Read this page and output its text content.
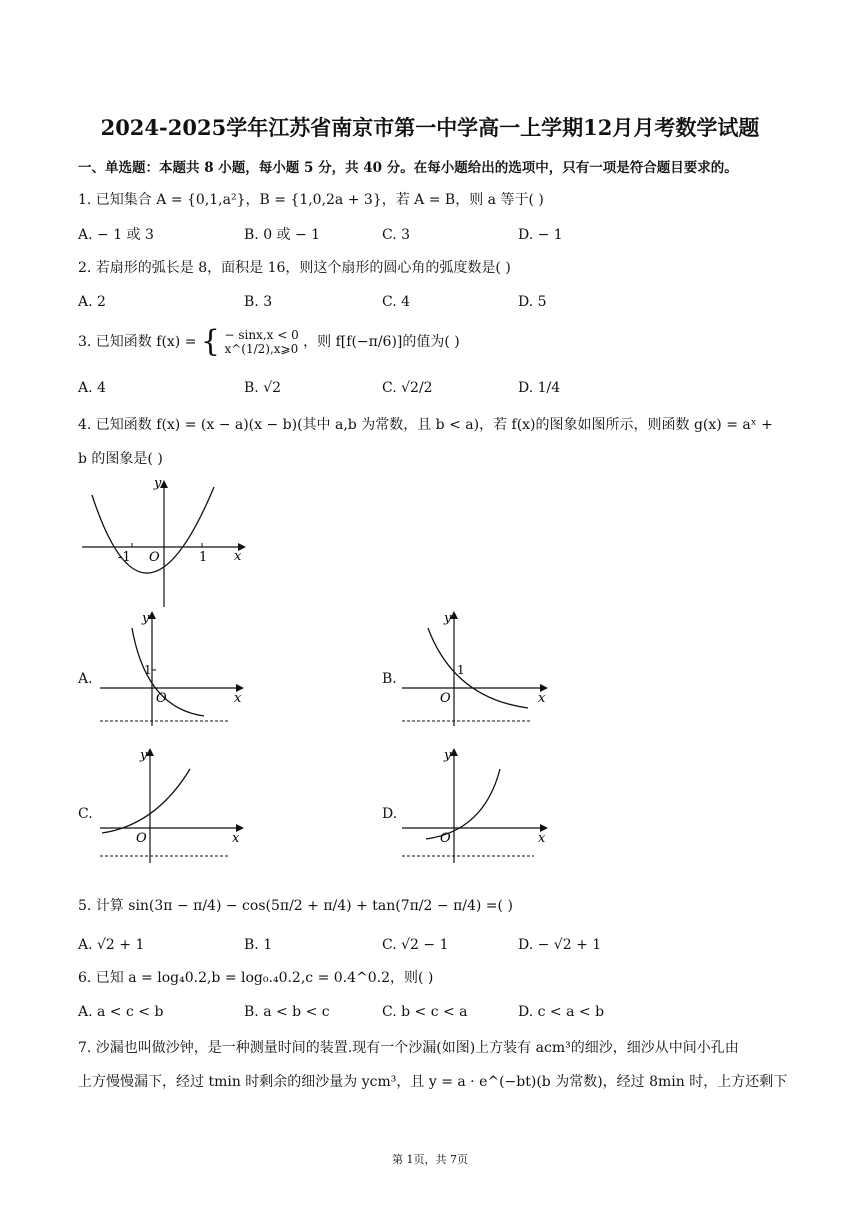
2024-2025学年江苏省南京市第一中学高一上学期12月月考数学试题
一、单选题：本题共 8 小题，每小题 5 分，共 40 分。在每小题给出的选项中，只有一项是符合题目要求的。
1. 已知集合 A = {0,1,a²}，B = {1,0,2a + 3}，若 A = B，则 a 等于( )
A. − 1 或 3	B. 0 或 − 1	C. 3	D. − 1
2. 若扇形的弧长是 8，面积是 16，则这个扇形的圆心角的弧度数是( )
A. 2	B. 3	C. 4	D. 5
3. 已知函数 f(x) = { − sinx,x < 0
x^(1/2),x⩾0 ，则 f[f(−π/6)]的值为( )
A. 4	B. √2	C. √2/2	D. 1/4
4. 已知函数 f(x) = (x − a)(x − b)(其中 a,b 为常数，且 b < a)，若 f(x)的图象如图所示，则函数 g(x) = aˣ +
b 的图象是( )
y
x
O
-1	1
A.
y
1
O	x
B.
y
1
O	x
C.
y
O	x
D.
y
O	x
5. 计算 sin(3π − π/4) − cos(5π/2 + π/4) + tan(7π/2 − π/4) =( )
A. √2 + 1	B. 1	C. √2 − 1	D. − √2 + 1
6. 已知 a = log₄0.2,b = log₀.₄0.2,c = 0.4^0.2，则( )
A. a < c < b	B. a < b < c	C. b < c < a	D. c < a < b
7. 沙漏也叫做沙钟，是一种测量时间的装置.现有一个沙漏(如图)上方装有 acm³的细沙，细沙从中间小孔由
上方慢慢漏下，经过 tmin 时剩余的细沙量为 ycm³，且 y = a · e^(−bt)(b 为常数)，经过 8min 时，上方还剩下
第 1页，共 7页
